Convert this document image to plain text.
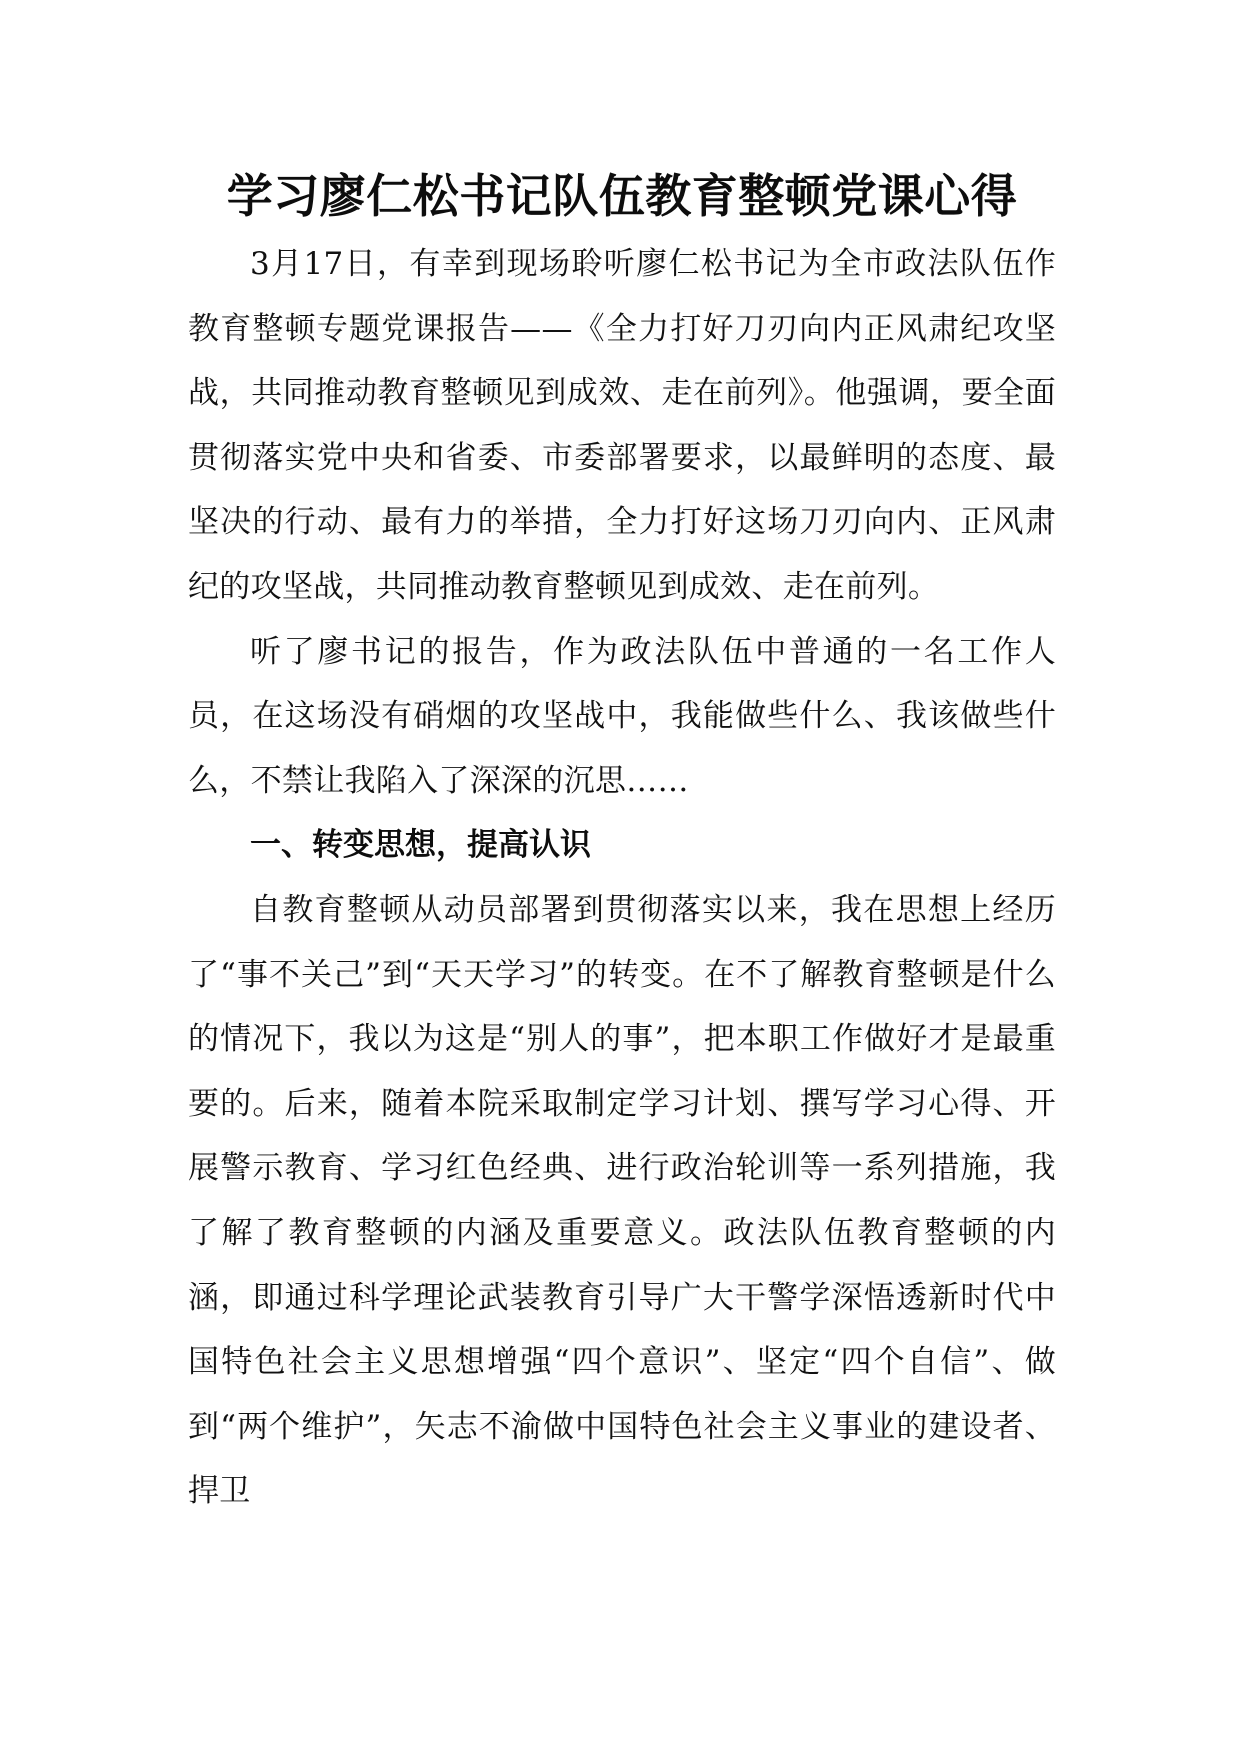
学习廖仁松书记队伍教育整顿党课心得

3月17日，有幸到现场聆听廖仁松书记为全市政法队伍作教育整顿专题党课报告——《全力打好刀刃向内正风肃纪攻坚战，共同推动教育整顿见到成效、走在前列》。他强调，要全面贯彻落实党中央和省委、市委部署要求，以最鲜明的态度、最坚决的行动、最有力的举措，全力打好这场刀刃向内、正风肃纪的攻坚战，共同推动教育整顿见到成效、走在前列。

听了廖书记的报告，作为政法队伍中普通的一名工作人员，在这场没有硝烟的攻坚战中，我能做些什么、我该做些什么，不禁让我陷入了深深的沉思……

一、转变思想，提高认识

自教育整顿从动员部署到贯彻落实以来，我在思想上经历了“事不关己”到“天天学习”的转变。在不了解教育整顿是什么的情况下，我以为这是“别人的事”，把本职工作做好才是最重要的。后来，随着本院采取制定学习计划、撰写学习心得、开展警示教育、学习红色经典、进行政治轮训等一系列措施，我了解了教育整顿的内涵及重要意义。政法队伍教育整顿的内涵，即通过科学理论武装教育引导广大干警学深悟透新时代中国特色社会主义思想增强“四个意识”、坚定“四个自信”、做到“两个维护”，矢志不渝做中国特色社会主义事业的建设者、捍卫
